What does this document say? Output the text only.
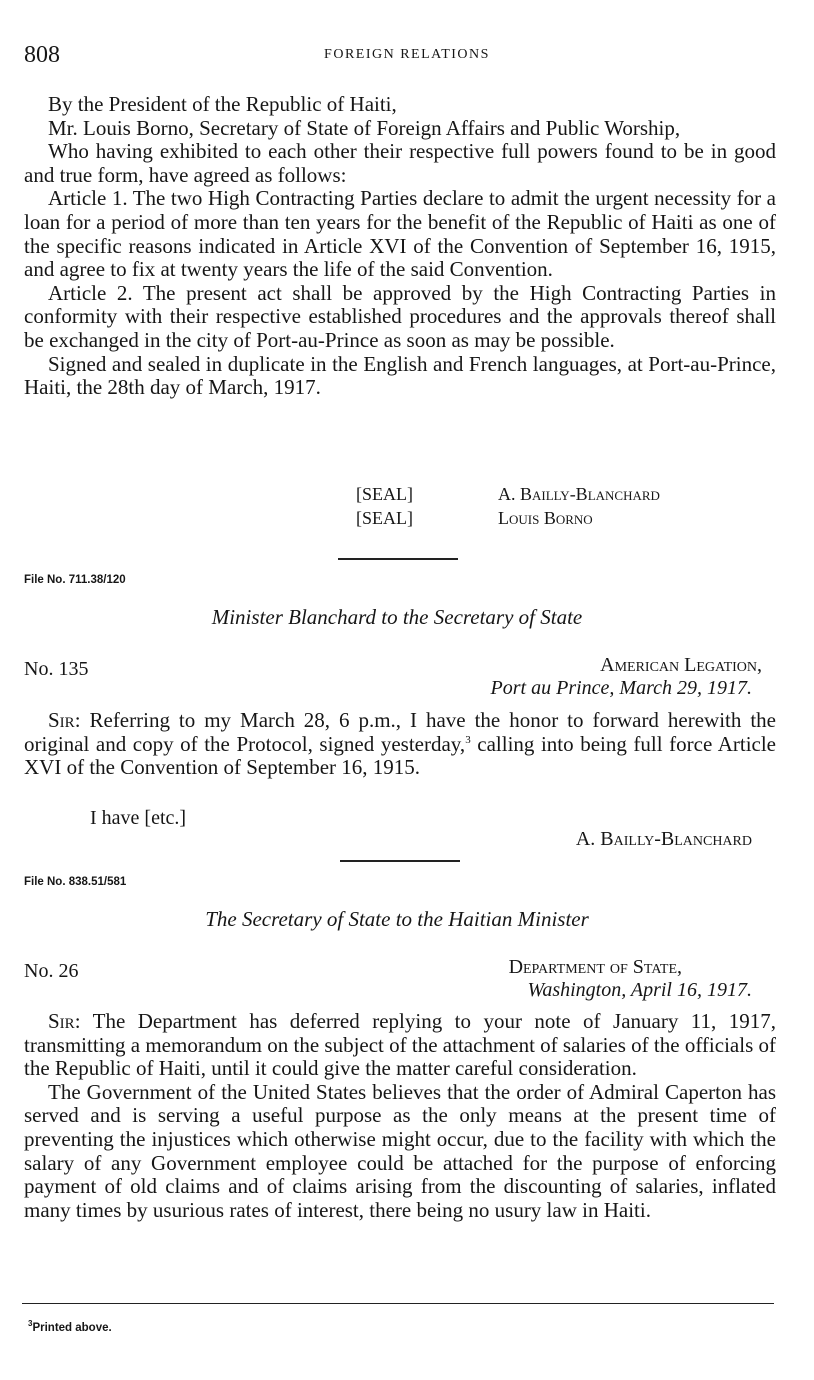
808	FOREIGN RELATIONS

By the President of the Republic of Haiti,

Mr. Louis Borno, Secretary of State of Foreign Affairs and Public Worship,

Who having exhibited to each other their respective full powers found to be in good and true form, have agreed as follows:

Article 1. The two High Contracting Parties declare to admit the urgent necessity for a loan for a period of more than ten years for the benefit of the Republic of Haiti as one of the specific reasons indicated in Article XVI of the Convention of September 16, 1915, and agree to fix at twenty years the life of the said Convention.

Article 2. The present act shall be approved by the High Contracting Parties in conformity with their respective established procedures and the approvals thereof shall be exchanged in the city of Port-au-Prince as soon as may be possible.

Signed and sealed in duplicate in the English and French languages, at Port-au-Prince, Haiti, the 28th day of March, 1917.

[SEAL]	A. Bailly-Blanchard
[SEAL]	Louis Borno
File No. 711.38/120
Minister Blanchard to the Secretary of State
No. 135	American Legation,
Port au Prince, March 29, 1917.
Sir: Referring to my March 28, 6 p.m., I have the honor to forward herewith the original and copy of the Protocol, signed yesterday,$^3$ calling into being full force Article XVI of the Convention of September 16, 1915.
I have [etc.]
A. Bailly-Blanchard
File No. 838.51/581
The Secretary of State to the Haitian Minister
No. 26	Department of State,
Washington, April 16, 1917.

Sir: The Department has deferred replying to your note of January 11, 1917, transmitting a memorandum on the subject of the attachment of salaries of the officials of the Republic of Haiti, until it could give the matter careful consideration.

The Government of the United States believes that the order of Admiral Caperton has served and is serving a useful purpose as the only means at the present time of preventing the injustices which otherwise might occur, due to the facility with which the salary of any Government employee could be attached for the purpose of enforcing payment of old claims and of claims arising from the discounting of salaries, inflated many times by usurious rates of interest, there being no usury law in Haiti.

$^3$Printed above.
